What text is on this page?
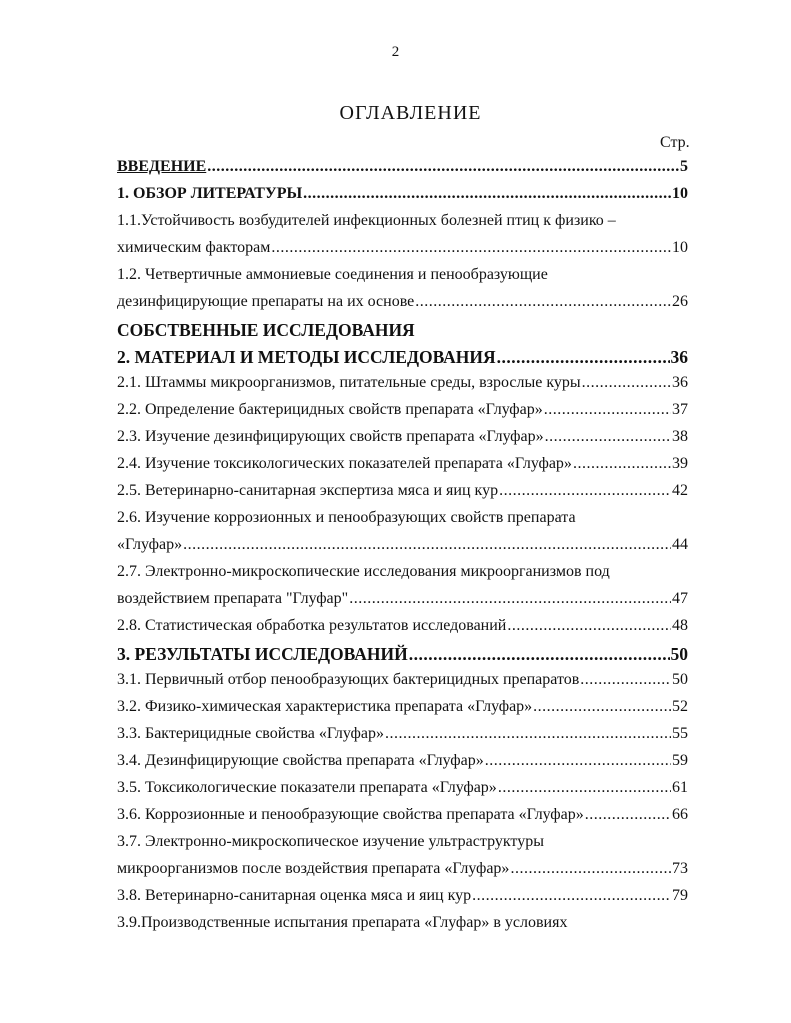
2
ОГЛАВЛЕНИЕ
Стр.
ВВЕДЕНИЕ .....	5
1. ОБЗОР ЛИТЕРАТУРЫ .....	10
1.1.Устойчивость возбудителей инфекционных болезней птиц к физико –
химическим факторам .....	10
1.2. Четвертичные аммониевые соединения и пенообразующие
дезинфицирующие препараты на их основе .....	26
СОБСТВЕННЫЕ ИССЛЕДОВАНИЯ
2. МАТЕРИАЛ И МЕТОДЫ ИССЛЕДОВАНИЯ .....	36
2.1. Штаммы микроорганизмов, питательные среды, взрослые куры .....	36
2.2. Определение бактерицидных свойств препарата «Глуфар» .....	37
2.3. Изучение дезинфицирующих свойств препарата «Глуфар» .....	38
2.4. Изучение токсикологических показателей препарата «Глуфар» .....	39
2.5. Ветеринарно-санитарная экспертиза мяса и яиц кур .....	42
2.6. Изучение коррозионных и пенообразующих свойств препарата
«Глуфар» .....	44
2.7. Электронно-микроскопические исследования микроорганизмов под
воздействием препарата "Глуфар" .....	47
2.8. Статистическая обработка результатов исследований .....	48
3. РЕЗУЛЬТАТЫ ИССЛЕДОВАНИЙ .....	50
3.1. Первичный отбор пенообразующих бактерицидных препаратов .....	50
3.2. Физико-химическая характеристика препарата «Глуфар» .....	52
3.3. Бактерицидные свойства «Глуфар» .....	55
3.4. Дезинфицирующие свойства препарата «Глуфар» .....	59
3.5. Токсикологические показатели препарата «Глуфар» .....	61
3.6. Коррозионные и пенообразующие свойства препарата «Глуфар» .....	66
3.7. Электронно-микроскопическое изучение ультраструктуры
микроорганизмов после воздействия препарата «Глуфар» .....	73
3.8. Ветеринарно-санитарная оценка мяса и яиц кур .....	79
3.9.Производственные испытания препарата «Глуфар» в условиях
